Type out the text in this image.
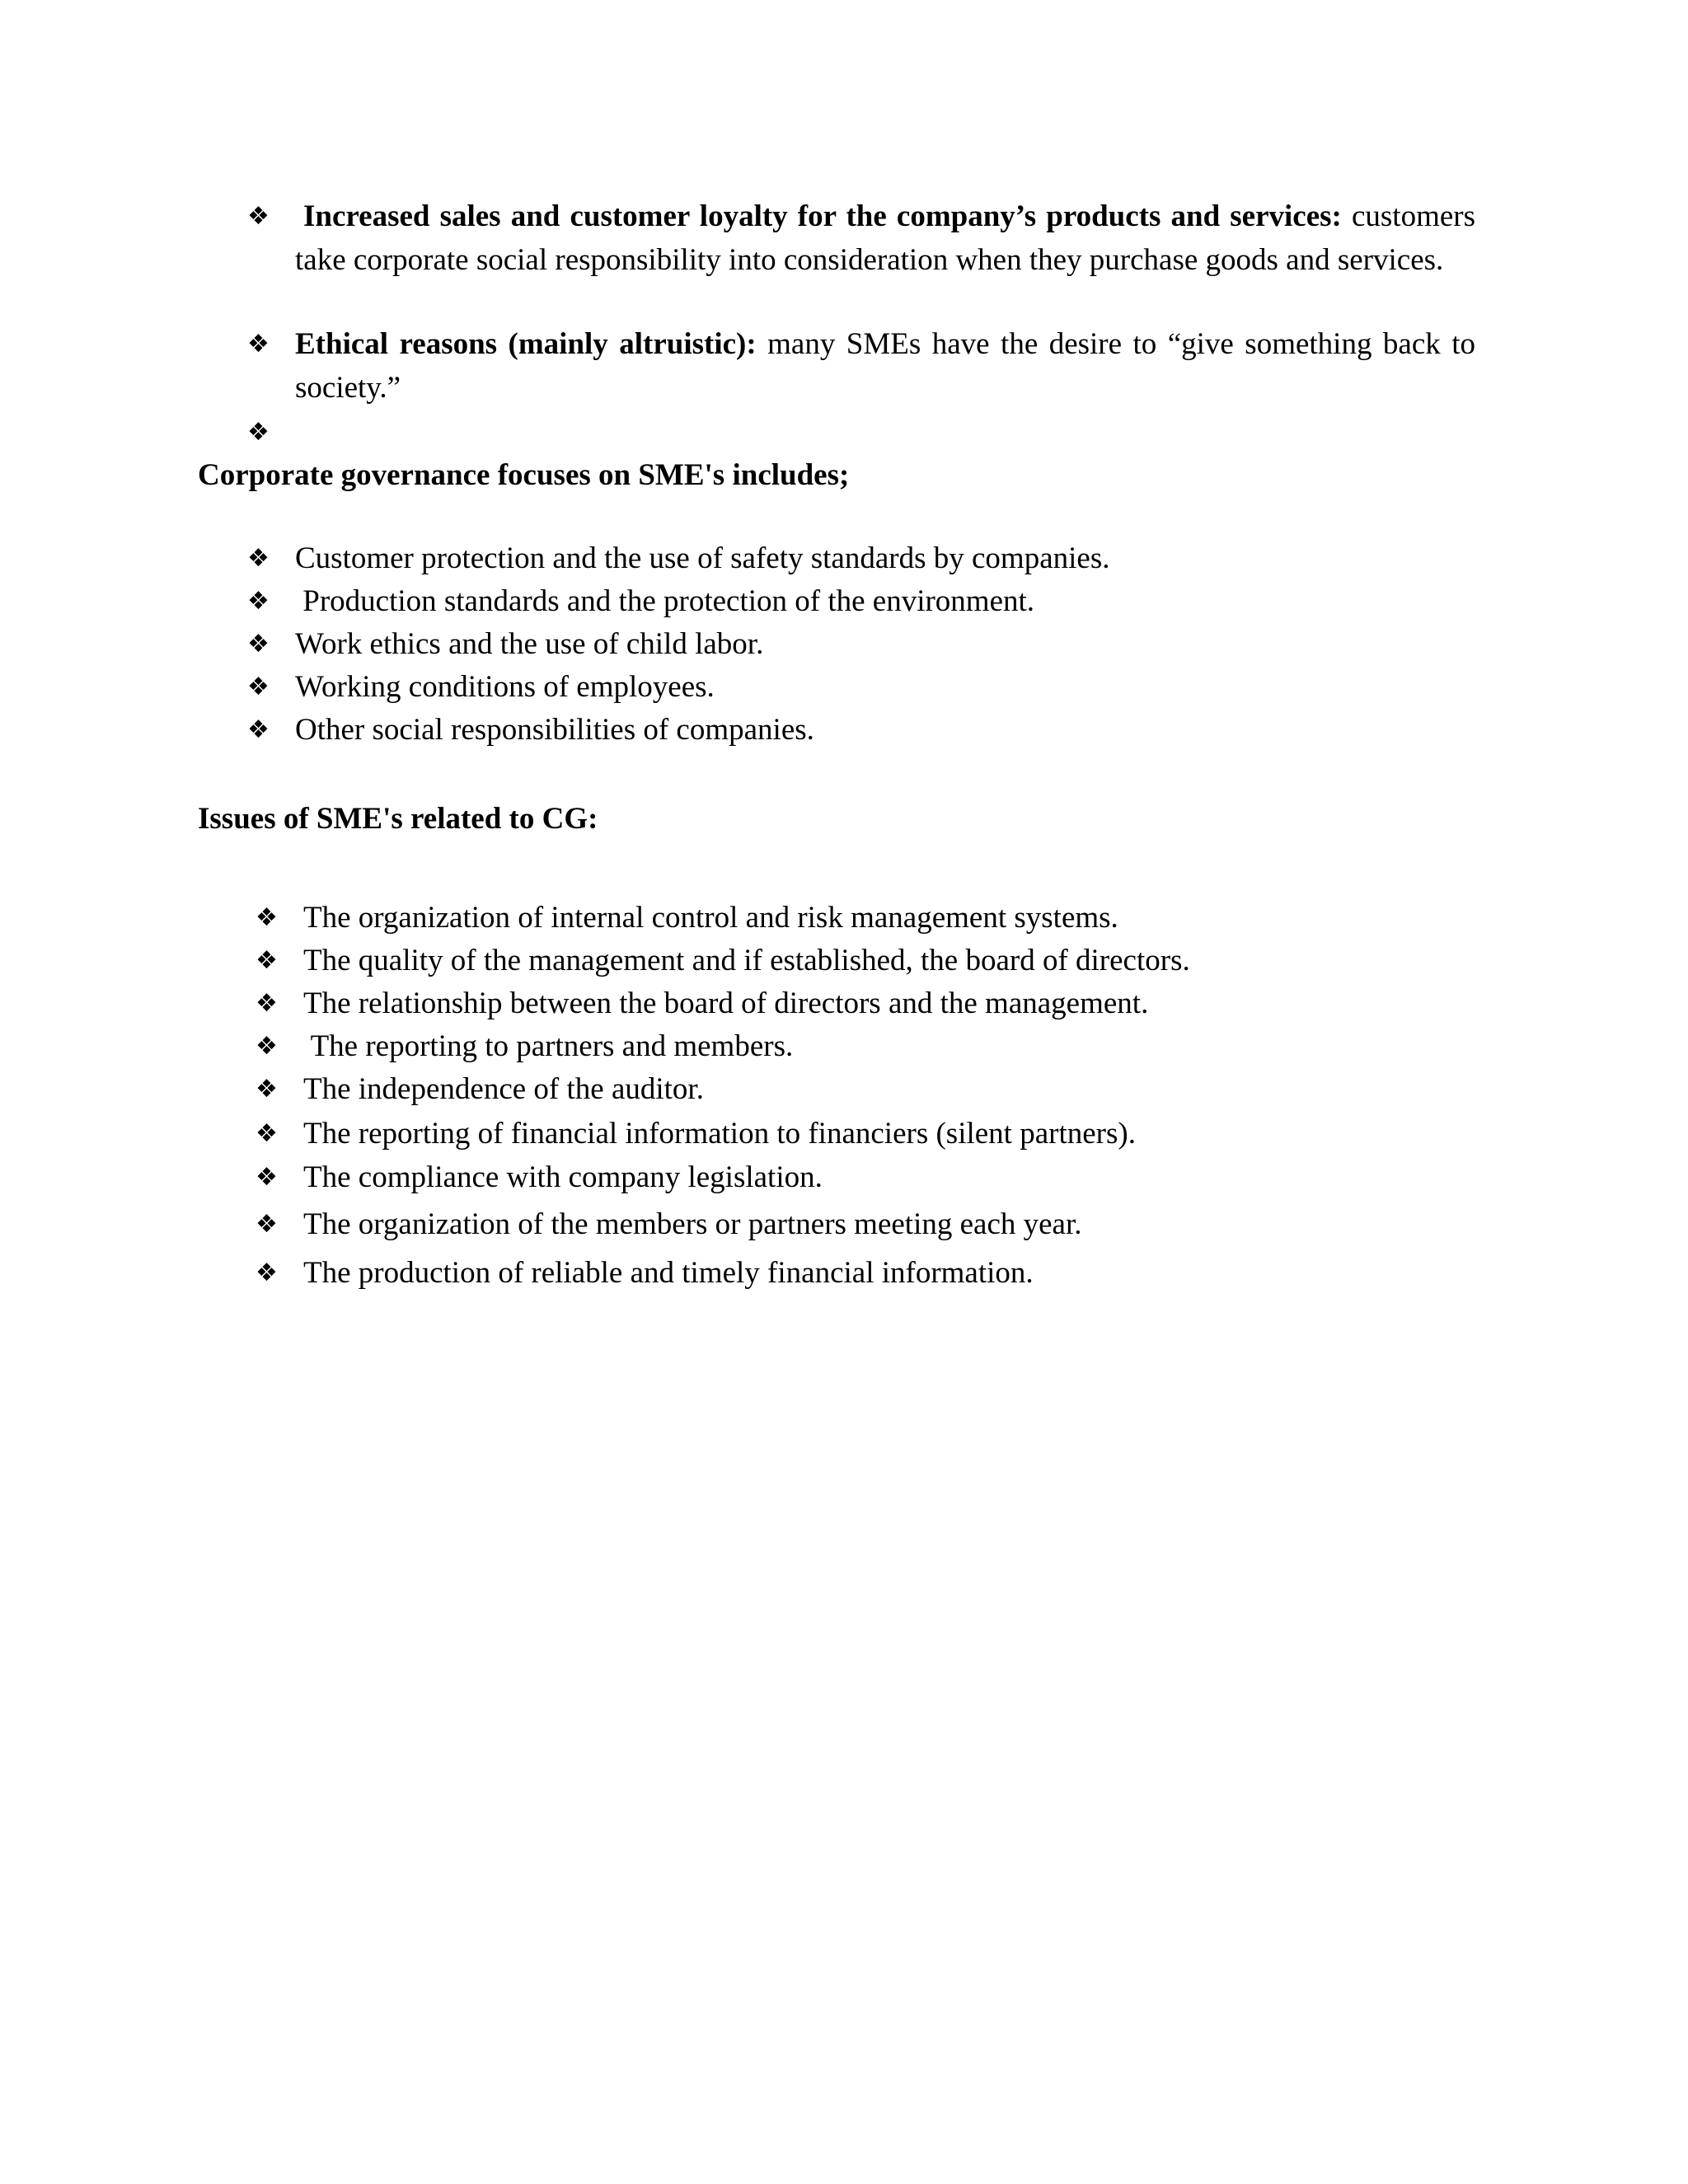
❖	Increased sales and customer loyalty for the company’s products and services: customers take corporate social responsibility into consideration when they purchase goods and services.
❖ Ethical reasons (mainly altruistic): many SMEs have the desire to “give something back to society.”
❖
Corporate governance focuses on SME's includes;
❖ Customer protection and the use of safety standards by companies.
❖ Production standards and the protection of the environment.
❖ Work ethics and the use of child labor.
❖ Working conditions of employees.
❖ Other social responsibilities of companies.
Issues of SME's related to CG:
❖ The organization of internal control and risk management systems.
❖ The quality of the management and if established, the board of directors.
❖ The relationship between the board of directors and the management.
❖ The reporting to partners and members.
❖ The independence of the auditor.
❖ The reporting of financial information to financiers (silent partners).
❖ The compliance with company legislation.
❖ The organization of the members or partners meeting each year.
❖ The production of reliable and timely financial information.
